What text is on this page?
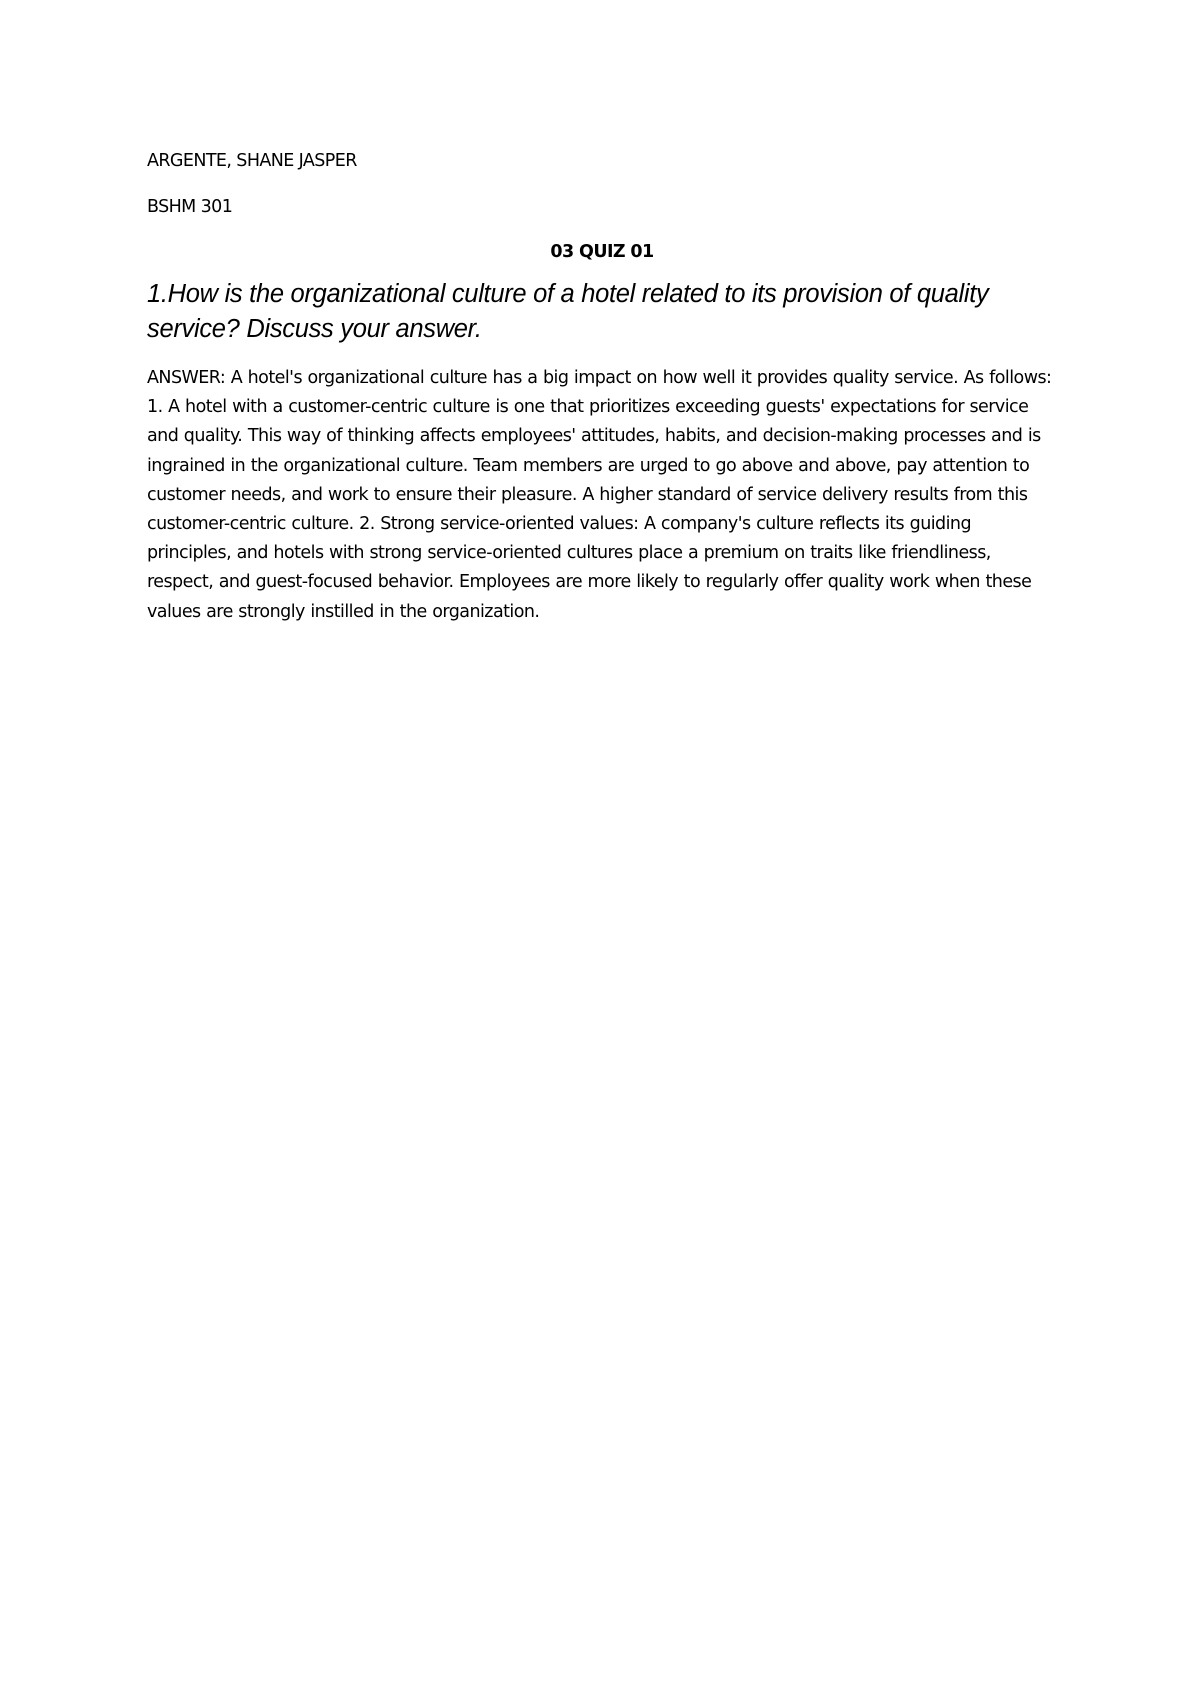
ARGENTE, SHANE JASPER

BSHM 301

03 QUIZ 01

1.How is the organizational culture of a hotel related to its provision of quality service? Discuss your answer.

ANSWER: A hotel's organizational culture has a big impact on how well it provides quality service. As follows: 1. A hotel with a customer-centric culture is one that prioritizes exceeding guests' expectations for service and quality. This way of thinking affects employees' attitudes, habits, and decision-making processes and is ingrained in the organizational culture. Team members are urged to go above and above, pay attention to customer needs, and work to ensure their pleasure. A higher standard of service delivery results from this customer-centric culture. 2. Strong service-oriented values: A company's culture reflects its guiding principles, and hotels with strong service-oriented cultures place a premium on traits like friendliness, respect, and guest-focused behavior. Employees are more likely to regularly offer quality work when these values are strongly instilled in the organization.
